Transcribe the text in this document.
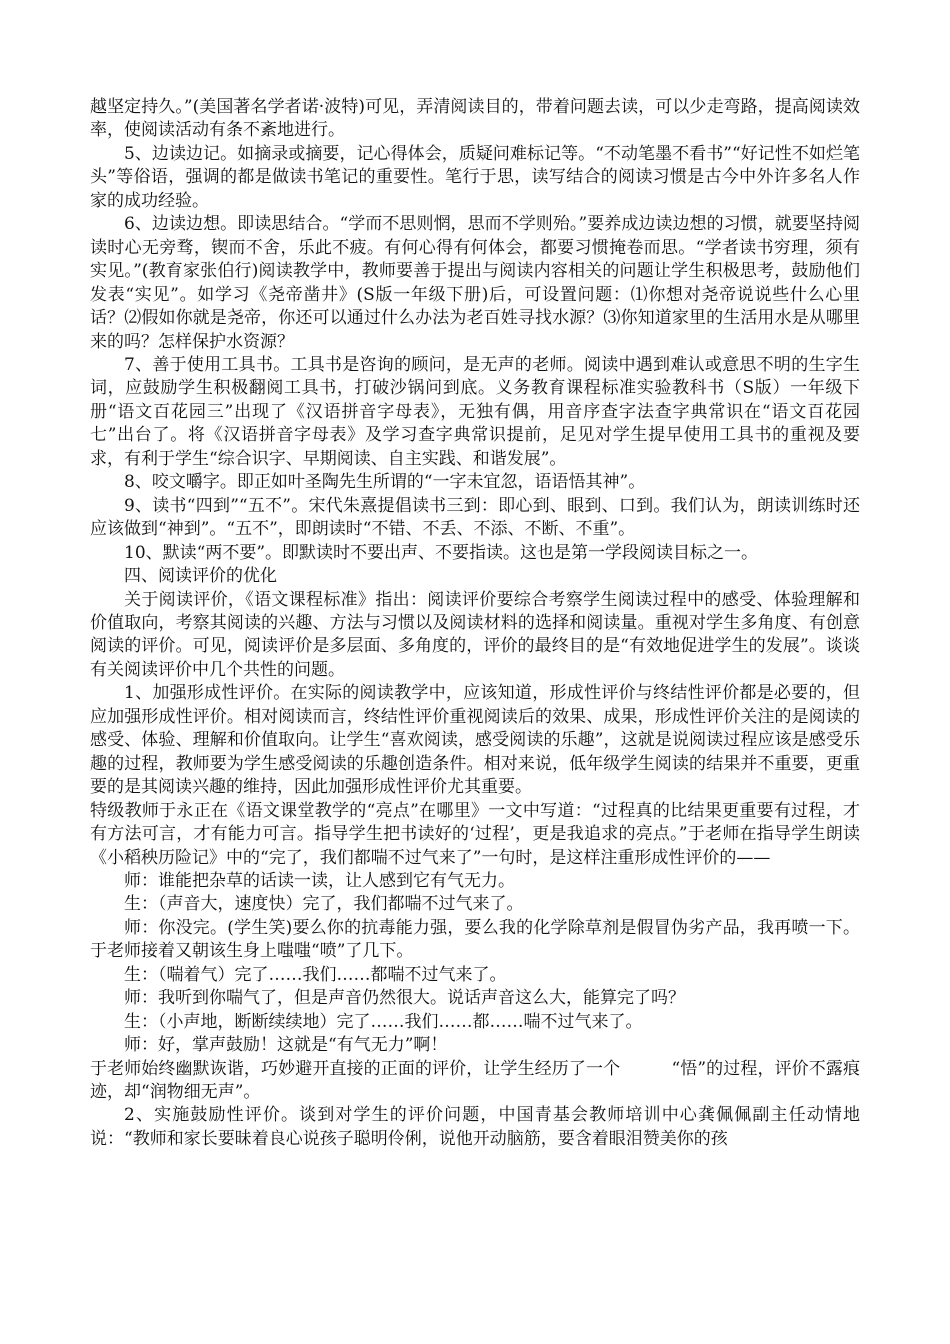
越坚定持久。”(美国著名学者诺·波特)可见，弄清阅读目的，带着问题去读，可以少走弯路，提高阅读效率，使阅读活动有条不紊地进行。

5、边读边记。如摘录或摘要，记心得体会，质疑问难标记等。“不动笔墨不看书”“好记性不如烂笔头”等俗语，强调的都是做读书笔记的重要性。笔行于思，读写结合的阅读习惯是古今中外许多名人作家的成功经验。

6、边读边想。即读思结合。“学而不思则惘，思而不学则殆。”要养成边读边想的习惯，就要坚持阅读时心无旁骛，锲而不舍，乐此不疲。有何心得有何体会，都要习惯掩卷而思。“学者读书穷理，须有实见。”(教育家张伯行)阅读教学中，教师要善于提出与阅读内容相关的问题让学生积极思考，鼓励他们发表“实见”。如学习《尧帝凿井》(S版一年级下册)后，可设置问题：⑴你想对尧帝说说些什么心里话？⑵假如你就是尧帝，你还可以通过什么办法为老百姓寻找水源？⑶你知道家里的生活用水是从哪里来的吗？怎样保护水资源？

7、善于使用工具书。工具书是咨询的顾问，是无声的老师。阅读中遇到难认或意思不明的生字生词，应鼓励学生积极翻阅工具书，打破沙锅问到底。义务教育课程标准实验教科书（S版）一年级下册“语文百花园三”出现了《汉语拼音字母表》，无独有偶，用音序查字法查字典常识在“语文百花园七”出台了。将《汉语拼音字母表》及学习查字典常识提前，足见对学生提早使用工具书的重视及要求，有利于学生“综合识字、早期阅读、自主实践、和谐发展”。

8、咬文嚼字。即正如叶圣陶先生所谓的“一字未宜忽，语语悟其神”。

9、读书“四到”“五不”。宋代朱熹提倡读书三到：即心到、眼到、口到。我们认为，朗读训练时还应该做到“神到”。“五不”，即朗读时“不错、不丢、不添、不断、不重”。

10、默读“两不要”。即默读时不要出声、不要指读。这也是第一学段阅读目标之一。

四、阅读评价的优化

关于阅读评价，《语文课程标准》指出：阅读评价要综合考察学生阅读过程中的感受、体验理解和价值取向，考察其阅读的兴趣、方法与习惯以及阅读材料的选择和阅读量。重视对学生多角度、有创意阅读的评价。可见，阅读评价是多层面、多角度的，评价的最终目的是“有效地促进学生的发展”。谈谈有关阅读评价中几个共性的问题。

1、加强形成性评价。在实际的阅读教学中，应该知道，形成性评价与终结性评价都是必要的，但应加强形成性评价。相对阅读而言，终结性评价重视阅读后的效果、成果，形成性评价关注的是阅读的感受、体验、理解和价值取向。让学生“喜欢阅读，感受阅读的乐趣”，这就是说阅读过程应该是感受乐趣的过程，教师要为学生感受阅读的乐趣创造条件。相对来说，低年级学生阅读的结果并不重要，更重要的是其阅读兴趣的维持，因此加强形成性评价尤其重要。

特级教师于永正在《语文课堂教学的“亮点”在哪里》一文中写道：“过程真的比结果更重要有过程，才有方法可言，才有能力可言。指导学生把书读好的‘过程’，更是我追求的亮点。”于老师在指导学生朗读《小稻秧历险记》中的“完了，我们都喘不过气来了”一句时，是这样注重形成性评价的——

师：谁能把杂草的话读一读，让人感到它有气无力。

生：（声音大，速度快）完了，我们都喘不过气来了。

师：你没完。(学生笑)要么你的抗毒能力强，要么我的化学除草剂是假冒伪劣产品，我再喷一下。于老师接着又朝该生身上嗤嗤“喷”了几下。

生：（喘着气）完了……我们……都喘不过气来了。

师：我听到你喘气了，但是声音仍然很大。说话声音这么大，能算完了吗？

生：（小声地，断断续续地）完了……我们……都……喘不过气来了。

师：好，掌声鼓励！这就是“有气无力”啊！

于老师始终幽默诙谐，巧妙避开直接的正面的评价，让学生经历了一个　　　“悟”的过程，评价不露痕迹，却“润物细无声”。

2、实施鼓励性评价。谈到对学生的评价问题，中国青基会教师培训中心龚佩佩副主任动情地说：“教师和家长要昧着良心说孩子聪明伶俐，说他开动脑筋，要含着眼泪赞美你的孩
